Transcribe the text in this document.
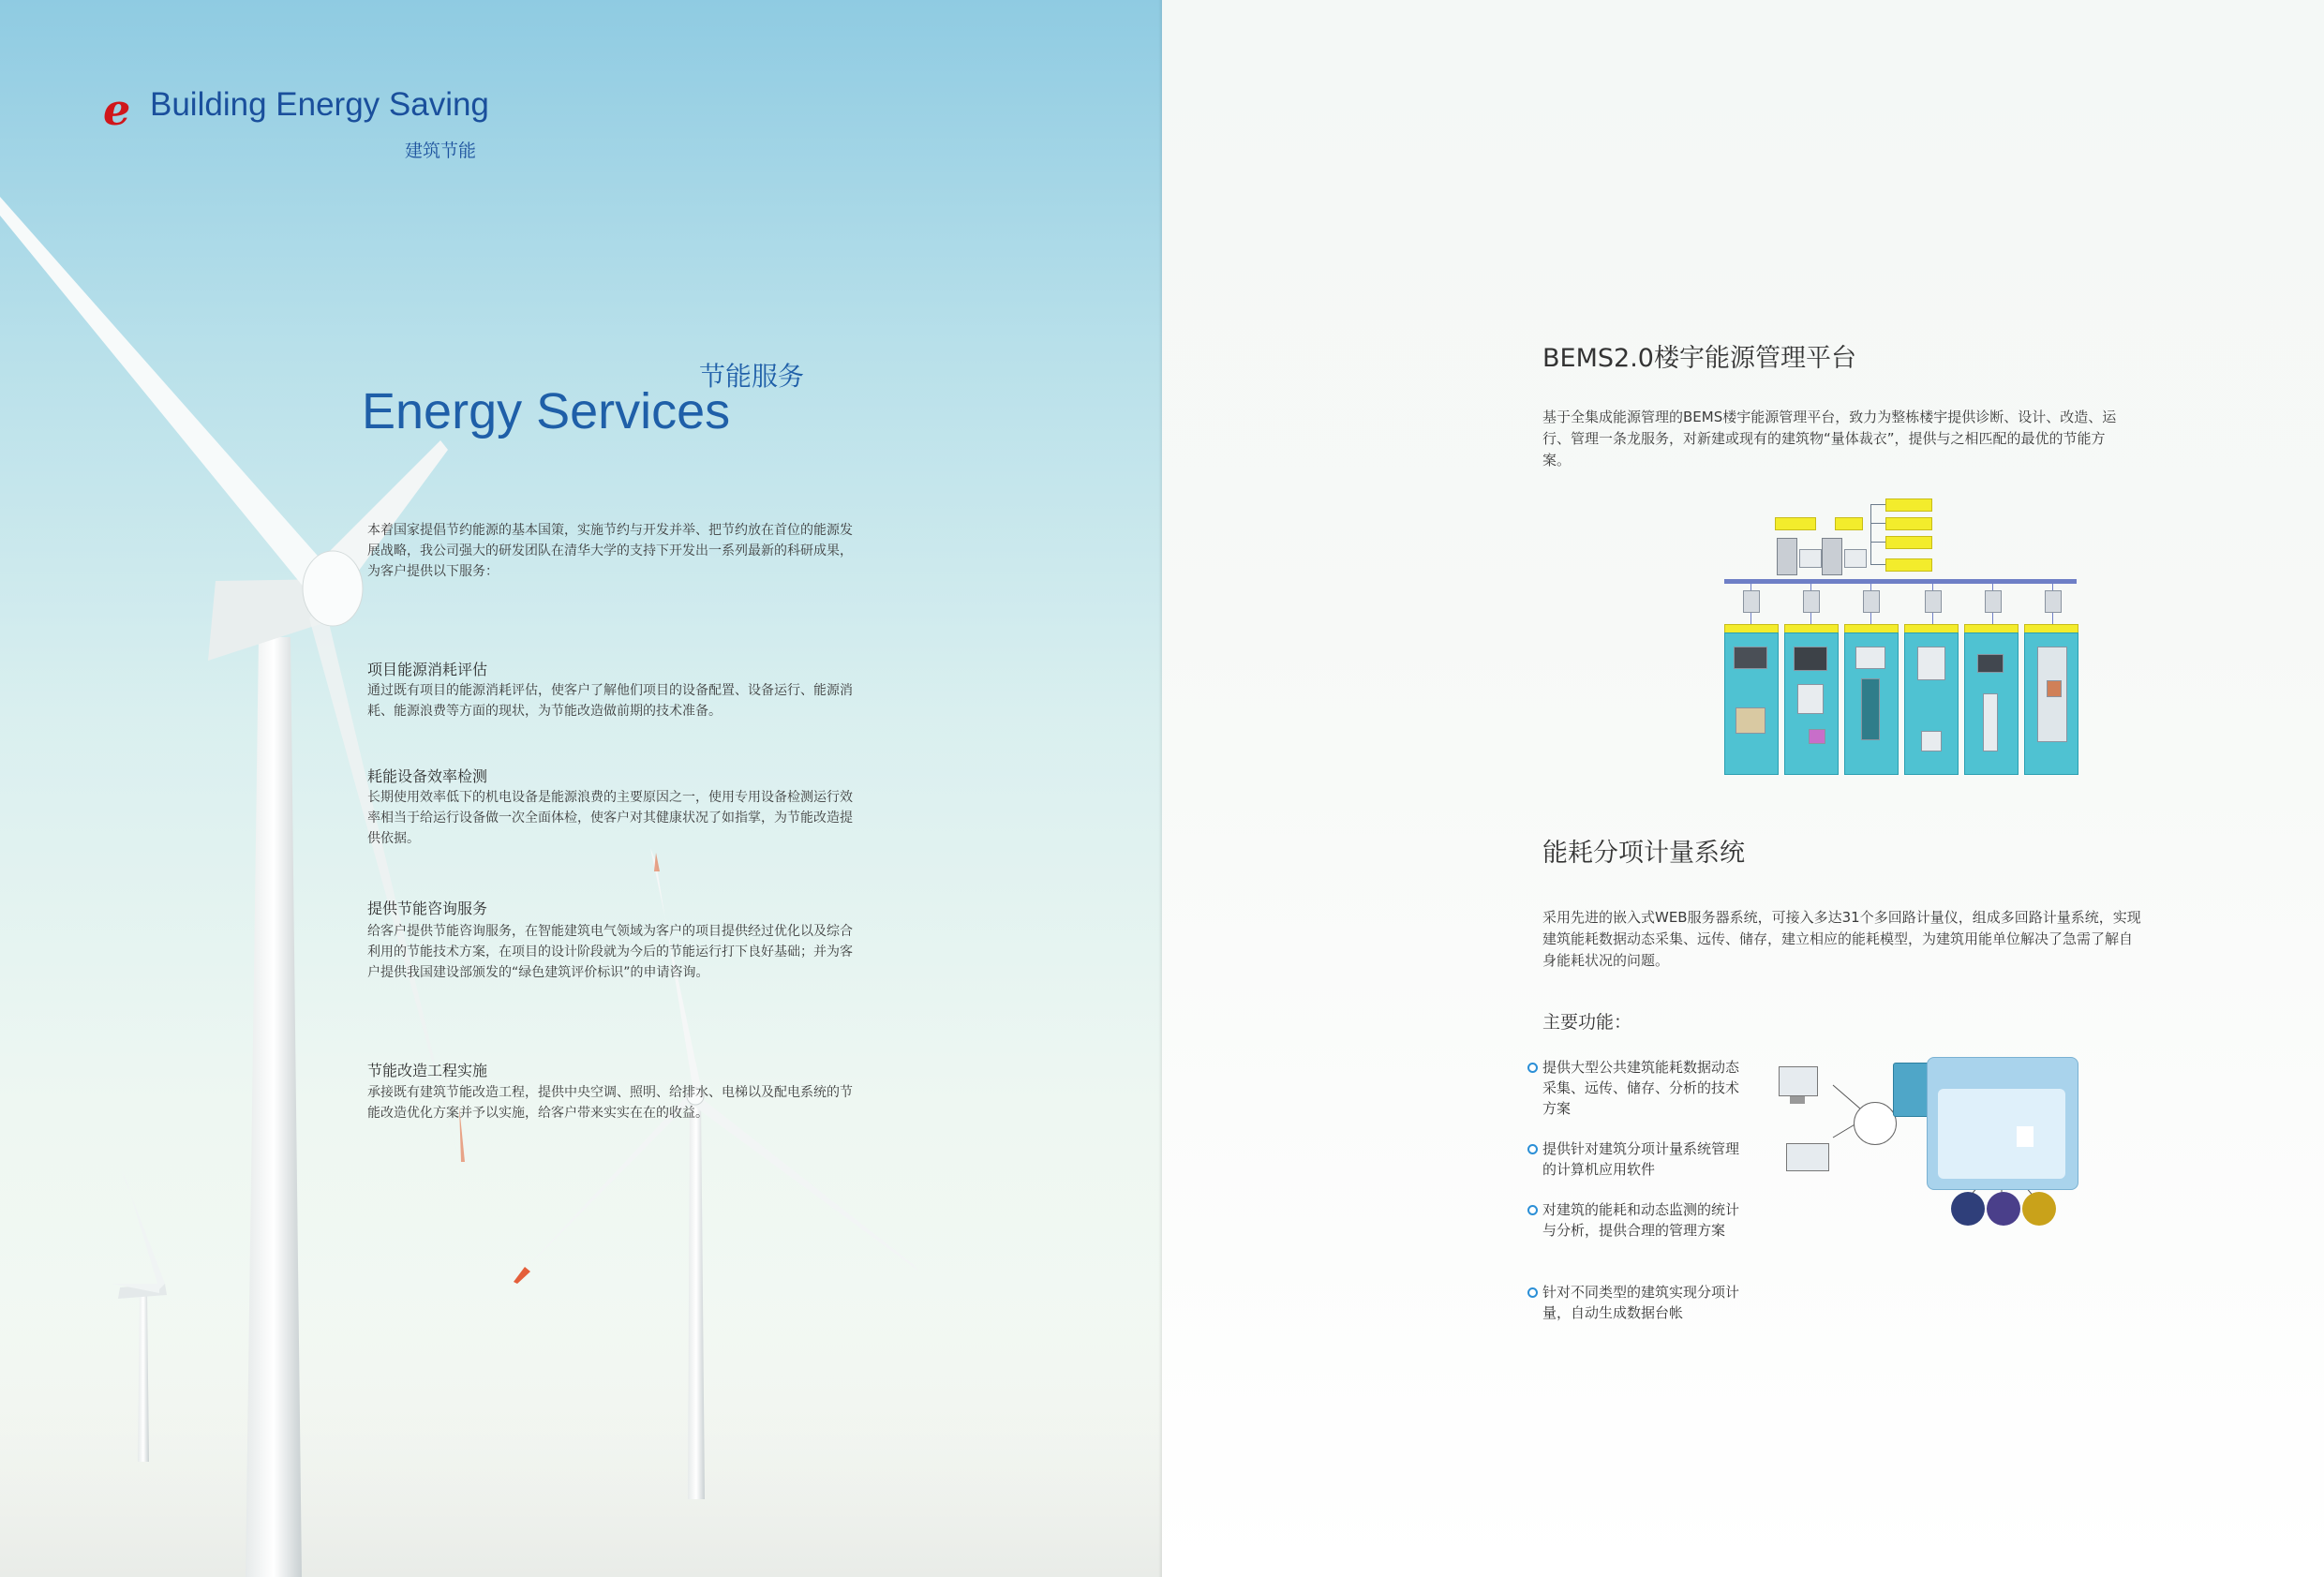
e Building Energy Saving
建筑节能
节能服务
Energy Services
本着国家提倡节约能源的基本国策，实施节约与开发并举、把节约放在首位的能源发展战略，我公司强大的研发团队在清华大学的支持下开发出一系列最新的科研成果，为客户提供以下服务：
项目能源消耗评估
通过既有项目的能源消耗评估，使客户了解他们项目的设备配置、设备运行、能源消耗、能源浪费等方面的现状，为节能改造做前期的技术准备。
耗能设备效率检测
长期使用效率低下的机电设备是能源浪费的主要原因之一，使用专用设备检测运行效率相当于给运行设备做一次全面体检，使客户对其健康状况了如指掌，为节能改造提供依据。
提供节能咨询服务
给客户提供节能咨询服务，在智能建筑电气领域为客户的项目提供经过优化以及综合利用的节能技术方案，在项目的设计阶段就为今后的节能运行打下良好基础；并为客户提供我国建设部颁发的“绿色建筑评价标识”的申请咨询。
节能改造工程实施
承接既有建筑节能改造工程，提供中央空调、照明、给排水、电梯以及配电系统的节能改造优化方案并予以实施，给客户带来实实在在的收益。
BEMS2.0楼宇能源管理平台
基于全集成能源管理的BEMS楼宇能源管理平台，致力为整栋楼宇提供诊断、设计、改造、运行、管理一条龙服务，对新建或现有的建筑物“量体裁衣”，提供与之相匹配的最优的节能方案。
能耗分项计量系统
采用先进的嵌入式WEB服务器系统，可接入多达31个多回路计量仪，组成多回路计量系统，实现建筑能耗数据动态采集、远传、储存，建立相应的能耗模型，为建筑用能单位解决了急需了解自身能耗状况的问题。
主要功能：
提供大型公共建筑能耗数据动态采集、远传、储存、分析的技术方案
提供针对建筑分项计量系统管理的计算机应用软件
对建筑的能耗和动态监测的统计与分析，提供合理的管理方案
针对不同类型的建筑实现分项计量，自动生成数据台帐
